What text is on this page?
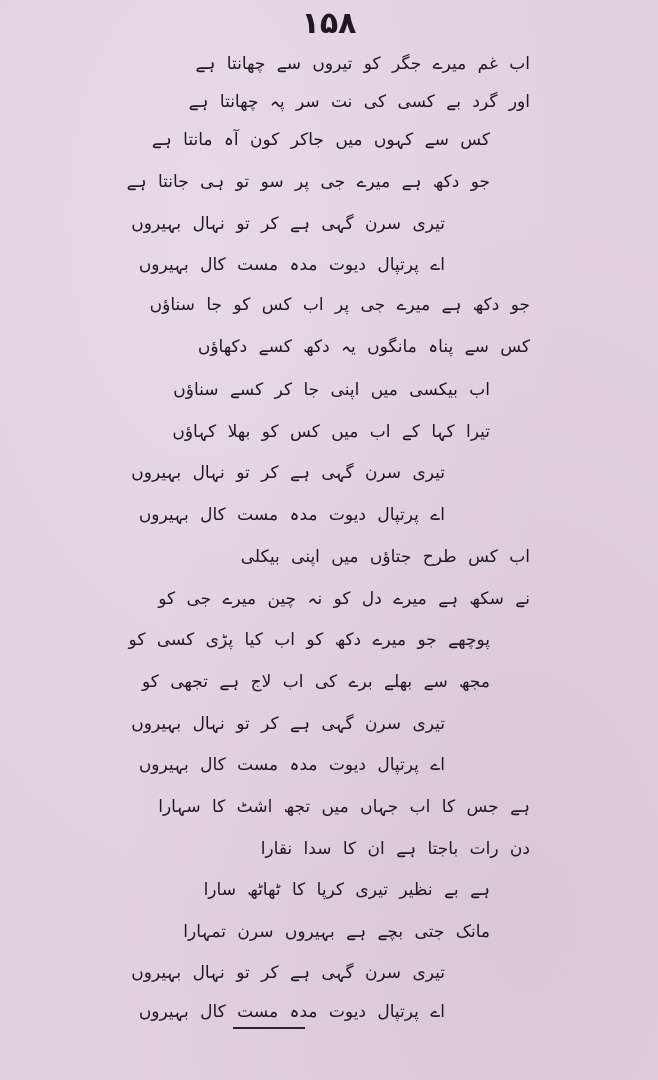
۱۵۸
اب غم میرے جگر کو تیروں سے چھانتا ہے
اور گرد بے کسی کی نت سر پہ چھانتا ہے
کس سے کہوں میں جاکر کون آہ مانتا ہے
جو دکھ ہے میرے جی پر سو تو ہی جانتا ہے
تیری سرن گہی ہے کر تو نہال بہیروں
اے پرتپال دیوت مدہ مست کال بہیروں
جو دکھ ہے میرے جی پر اب کس کو جا سناؤں
کس سے پناہ مانگوں یہ دکھ کسے دکھاؤں
اب بیکسی میں اپنی جا کر کسے سناؤں
تیرا کہا کے اب میں کس کو بھلا کہاؤں
تیری سرن گہی ہے کر تو نہال بہیروں
اے پرتپال دیوت مدہ مست کال بہیروں
اب کس طرح جتاؤں میں اپنی بیکلی
نے سکھ ہے میرے دل کو نہ چین میرے جی کو
پوچھے جو میرے دکھ کو اب کیا پڑی کسی کو
مجھ سے بھلے برے کی اب لاج ہے تجھی کو
تیری سرن گہی ہے کر تو نہال بہیروں
اے پرتپال دیوت مدہ مست کال بہیروں
ہے جس کا اب جہاں میں تجھ اشٹ کا سہارا
دن رات باجتا ہے ان کا سدا نقارا
ہے بے نظیر تیری کرپا کا ٹھاٹھ سارا
مانک جتی بچے ہے بہیروں سرن تمہارا
تیری سرن گہی ہے کر تو نہال بہیروں
اے پرتپال دیوت مدہ مست کال بہیروں
